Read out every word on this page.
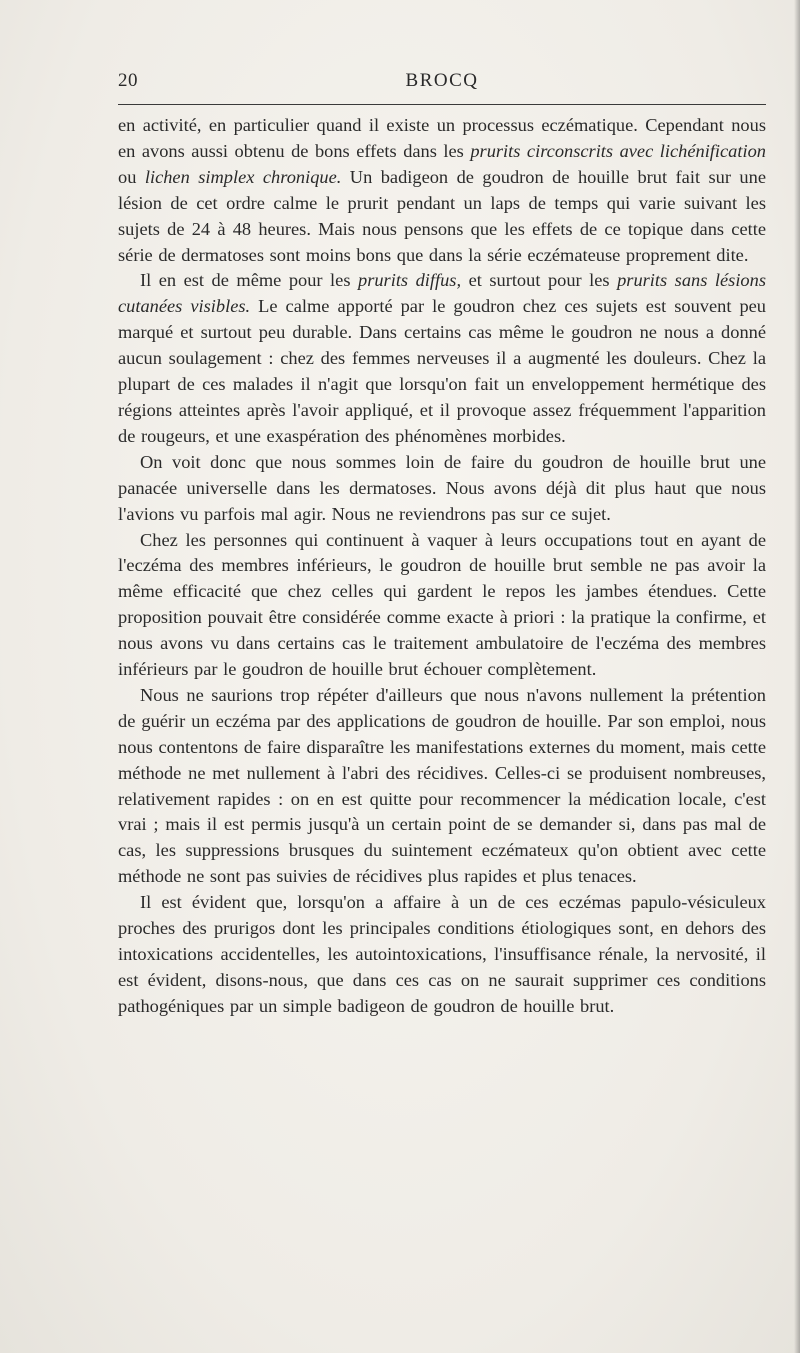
20	BROCQ

en activité, en particulier quand il existe un processus eczématique. Cependant nous en avons aussi obtenu de bons effets dans les prurits circonscrits avec lichénification ou lichen simplex chronique. Un badigeon de goudron de houille brut fait sur une lésion de cet ordre calme le prurit pendant un laps de temps qui varie suivant les sujets de 24 à 48 heures. Mais nous pensons que les effets de ce topique dans cette série de dermatoses sont moins bons que dans la série eczémateuse proprement dite.

Il en est de même pour les prurits diffus, et surtout pour les prurits sans lésions cutanées visibles. Le calme apporté par le goudron chez ces sujets est souvent peu marqué et surtout peu durable. Dans certains cas même le goudron ne nous a donné aucun soulagement : chez des femmes nerveuses il a augmenté les douleurs. Chez la plupart de ces malades il n'agit que lorsqu'on fait un enveloppement hermétique des régions atteintes après l'avoir appliqué, et il provoque assez fréquemment l'apparition de rougeurs, et une exaspération des phénomènes morbides.

On voit donc que nous sommes loin de faire du goudron de houille brut une panacée universelle dans les dermatoses. Nous avons déjà dit plus haut que nous l'avions vu parfois mal agir. Nous ne reviendrons pas sur ce sujet.

Chez les personnes qui continuent à vaquer à leurs occupations tout en ayant de l'eczéma des membres inférieurs, le goudron de houille brut semble ne pas avoir la même efficacité que chez celles qui gardent le repos les jambes étendues. Cette proposition pouvait être considérée comme exacte à priori : la pratique la confirme, et nous avons vu dans certains cas le traitement ambulatoire de l'eczéma des membres inférieurs par le goudron de houille brut échouer complètement.

Nous ne saurions trop répéter d'ailleurs que nous n'avons nullement la prétention de guérir un eczéma par des applications de goudron de houille. Par son emploi, nous nous contentons de faire disparaître les manifestations externes du moment, mais cette méthode ne met nullement à l'abri des récidives. Celles-ci se produisent nombreuses, relativement rapides : on en est quitte pour recommencer la médication locale, c'est vrai ; mais il est permis jusqu'à un certain point de se demander si, dans pas mal de cas, les suppressions brusques du suintement eczémateux qu'on obtient avec cette méthode ne sont pas suivies de récidives plus rapides et plus tenaces.

Il est évident que, lorsqu'on a affaire à un de ces eczémas papulo-vésiculeux proches des prurigos dont les principales conditions étiologiques sont, en dehors des intoxications accidentelles, les autointoxications, l'insuffisance rénale, la nervosité, il est évident, disons-nous, que dans ces cas on ne saurait supprimer ces conditions pathogéniques par un simple badigeon de goudron de houille brut.
